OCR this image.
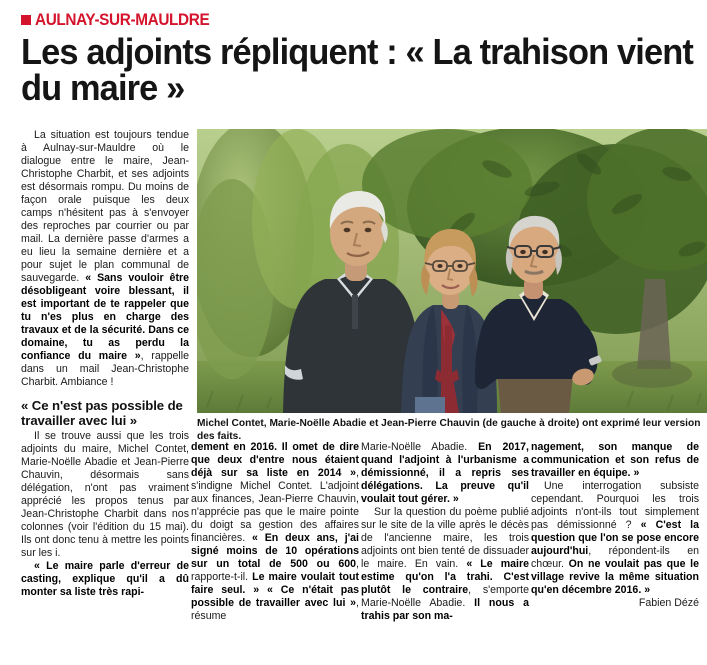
AULNAY-SUR-MAULDRE
Les adjoints répliquent : « La trahison vient du maire »
Michel Contet, Marie-Noëlle Abadie et Jean-Pierre Chauvin (de gauche à droite) ont exprimé leur version des faits.

La situation est toujours tendue à Aulnay-sur-Mauldre où le dialogue entre le maire, Jean-Christophe Charbit, et ses adjoints est désormais rompu. Du moins de façon orale puisque les deux camps n'hésitent pas à s'envoyer des reproches par courrier ou par mail. La dernière passe d'armes a eu lieu la semaine dernière et a pour sujet le plan communal de sauvegarde. « Sans vouloir être désobligeant voire blessant, il est important de te rappeler que tu n'es plus en charge des travaux et de la sécurité. Dans ce domaine, tu as perdu la confiance du maire », rappelle dans un mail Jean-Christophe Charbit. Ambiance !

« Ce n'est pas possible de travailler avec lui »

Il se trouve aussi que les trois adjoints du maire, Michel Contet, Marie-Noëlle Abadie et Jean-Pierre Chauvin, désormais sans délégation, n'ont pas vraiment apprécié les propos tenus par Jean-Christophe Charbit dans nos colonnes (voir l'édition du 15 mai). Ils ont donc tenu à mettre les points sur les i.

« Le maire parle d'erreur de casting, explique qu'il a dû monter sa liste très rapi-

dement en 2016. Il omet de dire que deux d'entre nous étaient déjà sur sa liste en 2014 », s'indigne Michel Contet. L'adjoint aux finances, Jean-Pierre Chauvin, n'apprécie pas que le maire pointe du doigt sa gestion des affaires financières. « En deux ans, j'ai signé moins de 10 opérations sur un total de 500 ou 600, rapporte-t-il. Le maire voulait tout faire seul. » « Ce n'était pas possible de travailler avec lui », résume

Marie-Noëlle Abadie. En 2017, quand l'adjoint à l'urbanisme a démissionné, il a repris ses délégations. La preuve qu'il voulait tout gérer. »

Sur la question du poème publié sur le site de la ville après le décès de l'ancienne maire, les trois adjoints ont bien tenté de dissuader le maire. En vain. « Le maire estime qu'on l'a trahi. C'est plutôt le contraire, s'emporte Marie-Noëlle Abadie. Il nous a trahis par son ma-

nagement, son manque de communication et son refus de travailler en équipe. »

Une interrogation subsiste cependant. Pourquoi les trois adjoints n'ont-ils tout simplement pas démissionné ? « C'est la question que l'on se pose encore aujourd'hui, répondent-ils en chœur. On ne voulait pas que le village revive la même situation qu'en décembre 2016. »

Fabien Dézé
